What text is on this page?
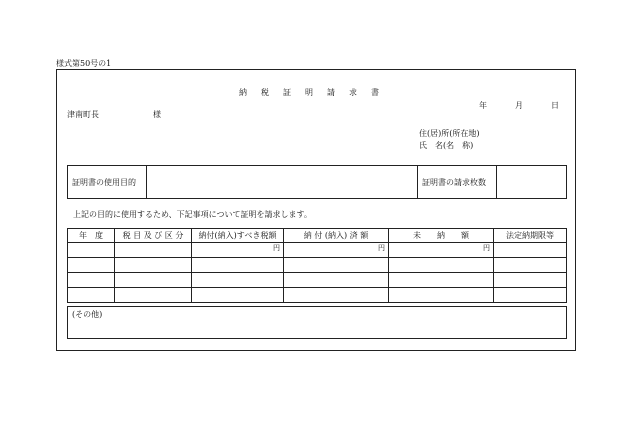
様式第50号の1
納税証明請求書
年	月	日
津南町長	様
住(居)所(所在地)
氏　名(名　称)
証明書の使用目的		証明書の請求枚数	
上記の目的に使用するため、下記事項について証明を請求します。
年　度	税 目 及 び 区 分	納付(納入)すべき税額	納 付 (納入) 済 額	未　　納　　額	法定納期限等
		円	円	円	

(その他)
